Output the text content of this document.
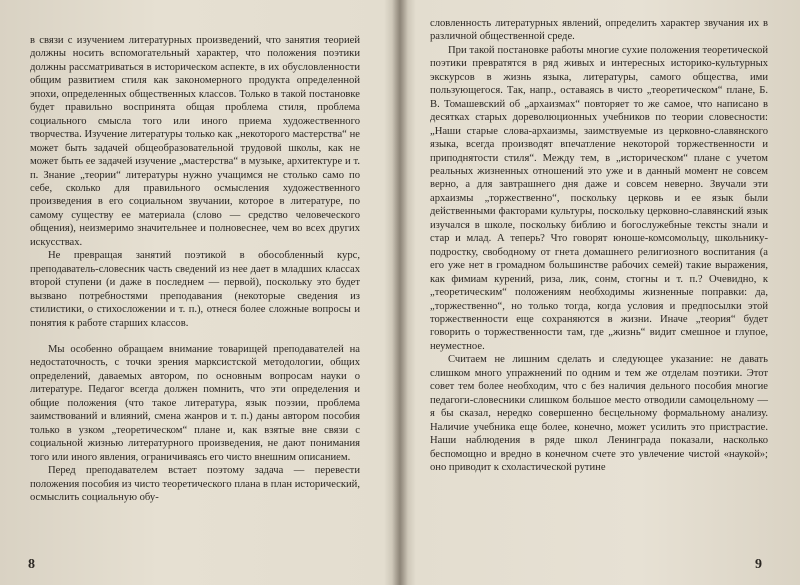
в связи с изучением литературных произведений, что занятия теорией должны носить вспомогательный характер, что положения поэтики должны рассматриваться в историческом аспекте, в их обусловленности общим развитием стиля как закономерного продукта определенной эпохи, определенных общественных классов. Только в такой постановке будет правильно воспринята общая проблема стиля, проблема социального смысла того или иного приема художественного творчества. Изучение литературы только как „некоторого мастерства“ не может быть задачей общеобразовательной трудовой школы, как не может быть ее задачей изучение „мастерства“ в музыке, архитектуре и т. п. Знание „теории“ литературы нужно учащимся не столько само по себе, сколько для правильного осмысления художественного произведения в его социальном звучании, которое в литературе, по самому существу ее материала (слово — средство человеческого общения), неизмеримо значительнее и полновеснее, чем во всех других искусствах.

Не превращая занятий поэтикой в обособленный курс, преподаватель-словесник часть сведений из нее дает в младших классах второй ступени (и даже в последнем — первой), поскольку это будет вызвано потребностями преподавания (некоторые сведения из стилистики, о стихосложении и т. п.), отнеся более сложные вопросы и понятия к работе старших классов.

Мы особенно обращаем внимание товарищей преподавателей на недостаточность, с точки зрения марксистской методологии, общих определений, даваемых автором, по основным вопросам науки о литературе. Педагог всегда должен помнить, что эти определения и общие положения (что такое литература, язык поэзии, проблема заимствований и влияний, смена жанров и т. п.) даны автором пособия только в узком „теоретическом“ плане и, как взятые вне связи с социальной жизнью литературного произведения, не дают понимания того или иного явления, ограничиваясь его чисто внешним описанием.

Перед преподавателем встает поэтому задача — перевести положения пособия из чисто теоретического плана в план исторический, осмыслить социальную обу-

8

словленность литературных явлений, определить характер звучания их в различной общественной среде.

При такой постановке работы многие сухие положения теоретической поэтики превратятся в ряд живых и интересных историко-культурных экскурсов в жизнь языка, литературы, самого общества, ими пользующегося. Так, напр., оставаясь в чисто „теоретическом“ плане, Б. В. Томашевский об „архаизмах“ повторяет то же самое, что написано в десятках старых дореволюционных учебников по теории словесности: „Наши старые слова-архаизмы, заимствуемые из церковно-славянского языка, всегда производят впечатление некоторой торжественности и приподнятости стиля“. Между тем, в „историческом“ плане с учетом реальных жизненных отношений это уже и в данный момент не совсем верно, а для завтрашнего дня даже и совсем неверно. Звучали эти архаизмы „торжественно“, поскольку церковь и ее язык были действенными факторами культуры, поскольку церковно-славянский язык изучался в школе, поскольку библию и богослужебные тексты знали и стар и млад. А теперь? Что говорят юноше-комсомольцу, школьнику-подростку, свободному от гнета домашнего религиозного воспитания (а его уже нет в громадном большинстве рабочих семей) такие выражения, как фимиам курений, риза, лик, сонм, стогны и т. п.? Очевидно, к „теоретическим“ положениям необходимы жизненные поправки: да, „торжественно“, но только тогда, когда условия и предпосылки этой торжественности еще сохраняются в жизни. Иначе „теория“ будет говорить о торжественности там, где „жизнь“ видит смешное и глупое, неуместное.

Считаем не лишним сделать и следующее указание: не давать слишком много упражнений по одним и тем же отделам поэтики. Этот совет тем более необходим, что с без наличия дельного пособия многие педагоги-словесники слишком большое место отводили самоцельному — я бы сказал, нередко совершенно бесцельному формальному анализу. Наличие учебника еще более, конечно, может усилить это пристрастие. Наши наблюдения в ряде школ Ленинграда показали, насколько беспомощно и вредно в конечном счете это увлечение чистой «наукой»; оно приводит к схоластической рутине

9
